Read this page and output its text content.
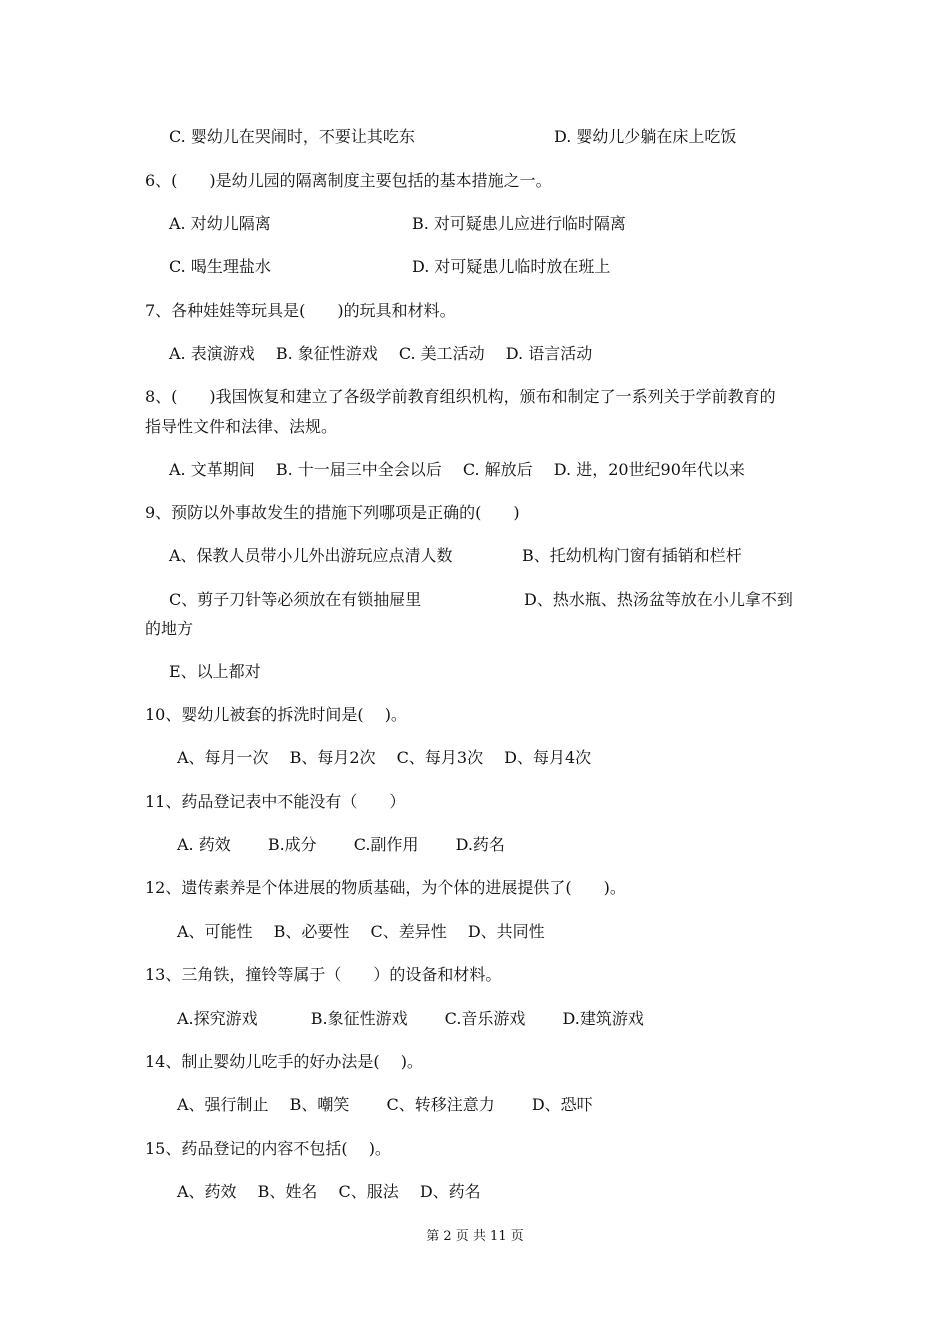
C. 婴幼儿在哭闹时，不要让其吃东	D. 婴幼儿少躺在床上吃饭
6、(　　)是幼儿园的隔离制度主要包括的基本措施之一。
A. 对幼儿隔离	B. 对可疑患儿应进行临时隔离
C. 喝生理盐水	D. 对可疑患儿临时放在班上
7、各种娃娃等玩具是(　　)的玩具和材料。
A. 表演游戏　 B. 象征性游戏　 C. 美工活动　 D. 语言活动
8、(　　)我国恢复和建立了各级学前教育组织机构，颁布和制定了一系列关于学前教育的
指导性文件和法律、法规。
A. 文革期间　 B. 十一届三中全会以后　 C. 解放后　 D. 进，20世纪90年代以来
9、预防以外事故发生的措施下列哪项是正确的(　　)
A、保教人员带小儿外出游玩应点清人数	B、托幼机构门窗有插销和栏杆
C、剪子刀针等必须放在有锁抽屉里	D、热水瓶、热汤盆等放在小儿拿不到
的地方
E、以上都对
10、婴幼儿被套的拆洗时间是(　 )。
A、每月一次　 B、每月2次　 C、每月3次　 D、每月4次
11、药品登记表中不能没有（　　）
A. 药效　　 B.成分　　 C.副作用　　 D.药名
12、遗传素养是个体进展的物质基础，为个体的进展提供了(　　)。
A、可能性　 B、必要性　 C、差异性　 D、共同性
13、三角铁，撞铃等属于（　　）的设备和材料。
A.探究游戏　　　 B.象征性游戏　　 C.音乐游戏　　 D.建筑游戏
14、制止婴幼儿吃手的好办法是(　 )。
A、强行制止　 B、嘲笑　　 C、转移注意力　　 D、恐吓
15、药品登记的内容不包括(　 )。
A、药效　 B、姓名　 C、服法　 D、药名
第 2 页 共 11 页
